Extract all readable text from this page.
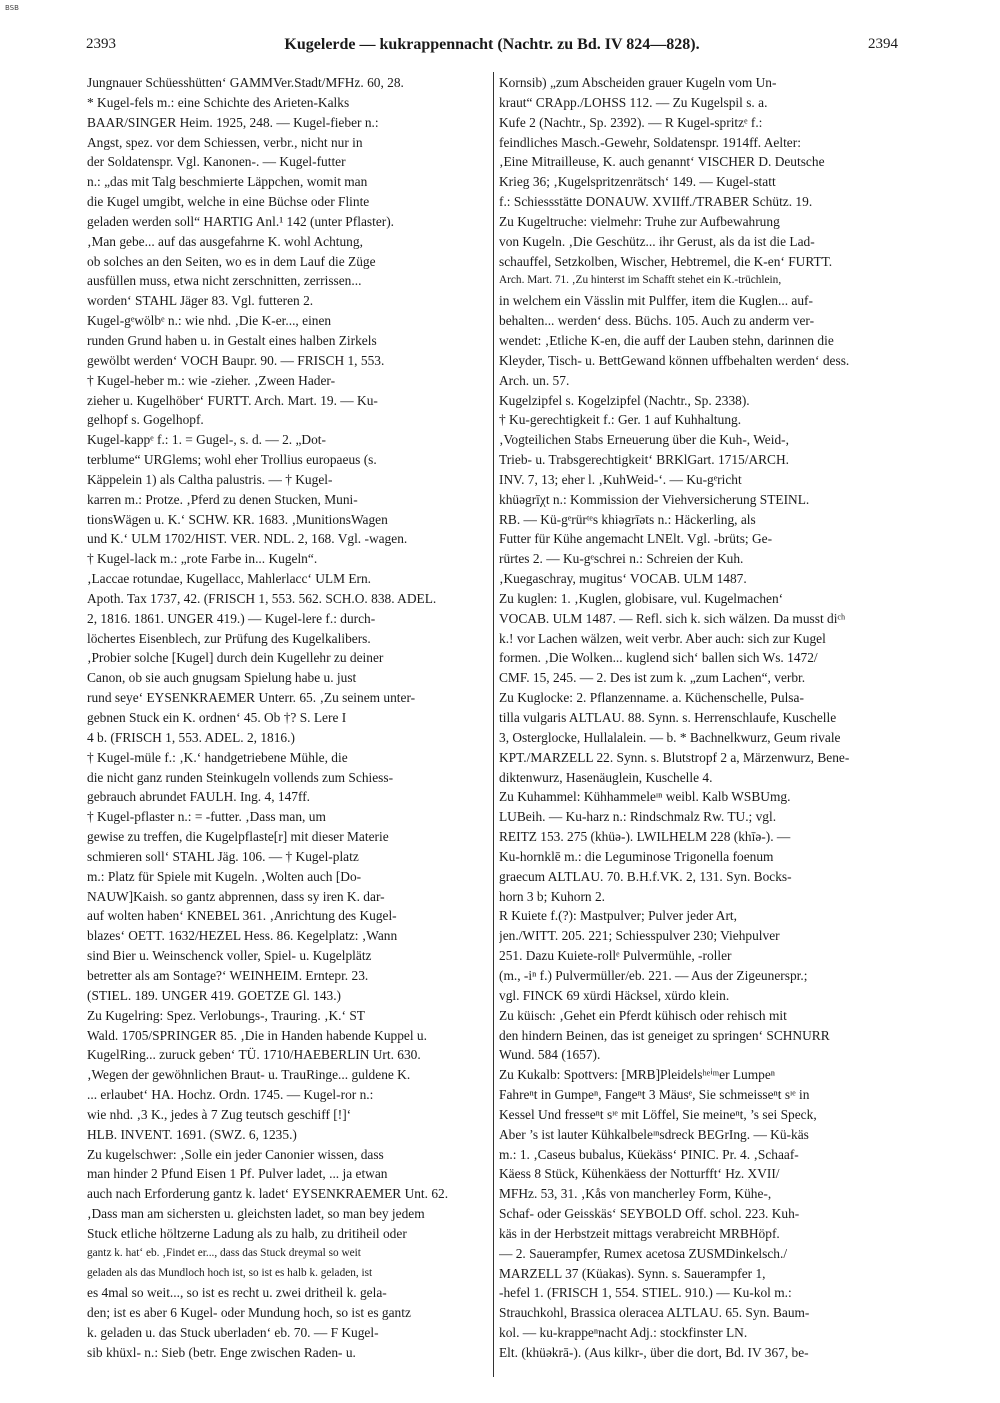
BSB
2393	Kugelerde — kukrappennacht (Nachtr. zu Bd. IV 824—828).	2394
Jungnauer Schüesshütten‘ GAMMVer.Stadt/MFHz. 60, 28.
* Kugel-fels m.: eine Schichte des Arieten-Kalks
BAAR/SINGER Heim. 1925, 248. — Kugel-fieber n.:
Angst, spez. vor dem Schiessen, verbr., nicht nur in
der Soldatenspr. Vgl. Kanonen-. — Kugel-futter
n.: „das mit Talg beschmierte Läppchen, womit man
die Kugel umgibt, welche in eine Büchse oder Flinte
geladen werden soll“ HARTIG Anl.¹ 142 (unter Pflaster).
‚Man gebe... auf das ausgefahrne K. wohl Achtung,
ob solches an den Seiten, wo es in dem Lauf die Züge
ausfüllen muss, etwa nicht zerschnitten, zerrissen...
worden‘ STAHL Jäger 83. Vgl. futteren 2.
Kugel-gᵉwölbᵉ n.: wie nhd. ‚Die K-er..., einen
runden Grund haben u. in Gestalt eines halben Zirkels
gewölbt werden‘ VOCH Baupr. 90. — FRISCH 1, 553.
† Kugel-heber m.: wie -zieher. ‚Zween Hader-
zieher u. Kugelhöber‘ FURTT. Arch. Mart. 19. — Ku-
gelhopf s. Gogelhopf.
Kugel-kappᵉ f.: 1. = Gugel-, s. d. — 2. „Dot-
terblume“ URGlems; wohl eher Trollius europaeus (s.
Käppelein 1) als Caltha palustris. — † Kugel-
karren m.: Protze. ‚Pferd zu denen Stucken, Muni-
tionsWägen u. K.‘ SCHW. KR. 1683. ‚MunitionsWagen
und K.‘ ULM 1702/HIST. VER. NDL. 2, 168. Vgl. -wagen.
† Kugel-lack m.: „rote Farbe in... Kugeln“.
‚Laccae rotundae, Kugellacc, Mahlerlacc‘ ULM Ern.
Apoth. Tax 1737, 42. (FRISCH 1, 553. 562. SCH.O. 838. ADEL.
2, 1816. 1861. UNGER 419.) — Kugel-lere f.: durch-
löchertes Eisenblech, zur Prüfung des Kugelkalibers.
‚Probier solche [Kugel] durch dein Kugellehr zu deiner
Canon, ob sie auch gnugsam Spielung habe u. just
rund seye‘ EYSENKRAEMER Unterr. 65. ‚Zu seinem unter-
gebnen Stuck ein K. ordnen‘ 45. Ob †? S. Lere I
4 b. (FRISCH 1, 553. ADEL. 2, 1816.)
† Kugel-müle f.: ‚K.‘ handgetriebene Mühle, die
die nicht ganz runden Steinkugeln vollends zum Schiess-
gebrauch abrundet FAULH. Ing. 4, 147ff.
† Kugel-pflaster n.: = -futter. ‚Dass man, um
gewise zu treffen, die Kugelpflaste[r] mit dieser Materie
schmieren soll‘ STAHL Jäg. 106. — † Kugel-platz
m.: Platz für Spiele mit Kugeln. ‚Wolten auch [Do-
NAUW]Kaish. so gantz abprennen, dass sy iren K. dar-
auf wolten haben‘ KNEBEL 361. ‚Anrichtung des Kugel-
blazes‘ OETT. 1632/HEZEL Hess. 86. Kegelplatz: ‚Wann
sind Bier u. Weinschenck voller, Spiel- u. Kugelplätz
betretter als am Sontage?‘ WEINHEIM. Erntepr. 23.
(STIEL. 189. UNGER 419. GOETZE Gl. 143.)
Zu Kugelring: Spez. Verlobungs-, Trauring. ‚K.‘ ST
Wald. 1705/SPRINGER 85. ‚Die in Handen habende Kuppel u.
KugelRing... zuruck geben‘ TÜ. 1710/HAEBERLIN Urt. 630.
‚Wegen der gewöhnlichen Braut- u. TrauRinge... guldene K.
... erlaubet‘ HA. Hochz. Ordn. 1745. — Kugel-ror n.:
wie nhd. ‚3 K., jedes à 7 Zug teutsch geschiff [!]‘
HLB. INVENT. 1691. (SWZ. 6, 1235.)
Zu kugelschwer: ‚Solle ein jeder Canonier wissen, dass
man hinder 2 Pfund Eisen 1 Pf. Pulver ladet, ... ja etwan
auch nach Erforderung gantz k. ladet‘ EYSENKRAEMER Unt. 62.
‚Dass man am sichersten u. gleichsten ladet, so man bey jedem
Stuck etliche höltzerne Ladung als zu halb, zu dritiheil oder
gantz k. hat‘ eb. ‚Findet er..., dass das Stuck dreymal so weit
geladen als das Mundloch hoch ist, so ist es halb k. geladen, ist
es 4mal so weit..., so ist es recht u. zwei dritheil k. gela-
den; ist es aber 6 Kugel- oder Mundung hoch, so ist es gantz
k. geladen u. das Stuck uberladen‘ eb. 70. — F Kugel-
sib khüxl- n.: Sieb (betr. Enge zwischen Raden- u.
Kornsib) „zum Abscheiden grauer Kugeln vom Un-
kraut“ CRApp./LOHSS 112. — Zu Kugelspil s. a.
Kufe 2 (Nachtr., Sp. 2392). — R Kugel-spritzᵉ f.:
feindliches Masch.-Gewehr, Soldatenspr. 1914ff. Aelter:
‚Eine Mitrailleuse, K. auch genannt‘ VISCHER D. Deutsche
Krieg 36; ‚Kugelspritzenrätsch‘ 149. — Kugel-statt
f.: Schiessstätte DONAUW. XVIIff./TRABER Schütz. 19.
Zu Kugeltruche: vielmehr: Truhe zur Aufbewahrung
von Kugeln. ‚Die Geschütz... ihr Gerust, als da ist die Lad-
schauffel, Setzkolben, Wischer, Hebtremel, die K-en‘ FURTT.
Arch. Mart. 71. ‚Zu hinterst im Schafft stehet ein K.-trüchlein,
in welchem ein Vässlin mit Pulffer, item die Kuglen... auf-
behalten... werden‘ dess. Büchs. 105. Auch zu anderm ver-
wendet: ‚Etliche K-en, die auff der Lauben stehn, darinnen die
Kleyder, Tisch- u. BettGewand können uffbehalten werden‘ dess.
Arch. un. 57.
Kugelzipfel s. Kogelzipfel (Nachtr., Sp. 2338).
† Ku-gerechtigkeit f.: Ger. 1 auf Kuhhaltung.
‚Vogteilichen Stabs Erneuerung über die Kuh-, Weid-,
Trieb- u. Trabsgerechtigkeit‘ BRKlGart. 1715/ARCH.
INV. 7, 13; eher l. ‚KuhWeid-‘. — Ku-gᵉricht
khüəgrīχt n.: Kommission der Viehversicherung STEINL.
RB. — Kü-gᵉrürᵗᵉs khiəgrīəts n.: Häckerling, als
Futter für Kühe angemacht LNElt. Vgl. -brüts; Ge-
rürtes 2. — Ku-gᵉschrei n.: Schreien der Kuh.
‚Kuegaschray, mugitus‘ VOCAB. ULM 1487.
Zu kuglen: 1. ‚Kuglen, globisare, vul. Kugelmachen‘
VOCAB. ULM 1487. — Refl. sich k. sich wälzen. Da musst diᶜʰ
k.! vor Lachen wälzen, weit verbr. Aber auch: sich zur Kugel
formen. ‚Die Wolken... kuglend sich‘ ballen sich Ws. 1472/
CMF. 15, 245. — 2. Des ist zum k. „zum Lachen“, verbr.
Zu Kuglocke: 2. Pflanzenname. a. Küchenschelle, Pulsa-
tilla vulgaris ALTLAU. 88. Synn. s. Herrenschlaufe, Kuschelle
3, Osterglocke, Hullalalein. — b. * Bachnelkwurz, Geum rivale
KPT./MARZELL 22. Synn. s. Blutstropf 2 a, Märzenwurz, Bene-
diktenwurz, Hasenäuglein, Kuschelle 4.
Zu Kuhammel: Kühhammeleᶦⁿ weibl. Kalb WSBUmg.
LUBeih. — Ku-harz n.: Rindschmalz Rw. TU.; vgl.
REITZ 153. 275 (khüə-). LWILHELM 228 (khīə-). —
Ku-hornklē m.: die Leguminose Trigonella foenum
graecum ALTLAU. 70. B.H.f.VK. 2, 131. Syn. Bocks-
horn 3 b; Kuhorn 2.
R Kuiete f.(?): Mastpulver; Pulver jeder Art,
jen./WITT. 205. 221; Schiesspulver 230; Viehpulver
251. Dazu Kuiete-rollᵉ Pulvermühle, -roller
(m., -iⁿ f.) Pulvermüller/eb. 221. — Aus der Zigeunerspr.;
vgl. FINCK 69 xürdi Häcksel, xürdo klein.
Zu küisch: ‚Gehet ein Pferdt kühisch oder rehisch mit
den hindern Beinen, das ist geneiget zu springen‘ SCHNURR
Wund. 584 (1657).
Zu Kukalb: Spottvers: [MRB]Pleidelsʰᵉⁱᵐer Lumpeⁿ
Fahreⁿt in Gumpeⁿ, Fangeⁿt 3 Mäusᵉ, Sie schmeisseⁿt sᶦᵉ in
Kessel Und fresseⁿt sᶦᵉ mit Löffel, Sie meineⁿt, ’s sei Speck,
Aber ’s ist lauter Kühkalbeleᶦⁿsdreck BEGrIng. — Kü-käs
m.: 1. ‚Caseus bubalus, Küekäss‘ PINIC. Pr. 4. ‚Schaaf-
Käess 8 Stück, Kühenkäess der Notturfft‘ Hz. XVII/
MFHz. 53, 31. ‚Kås von mancherley Form, Kühe-,
Schaf- oder Geisskäs‘ SEYBOLD Off. schol. 223. Kuh-
käs in der Herbstzeit mittags verabreicht MRBHöpf.
— 2. Sauerampfer, Rumex acetosa ZUSMDinkelsch./
MARZELL 37 (Küakas). Synn. s. Sauerampfer 1,
-hefel 1. (FRISCH 1, 554. STIEL. 910.) — Ku-kol m.:
Strauchkohl, Brassica oleracea ALTLAU. 65. Syn. Baum-
kol. — ku-krappeⁿnacht Adj.: stockfinster LN.
Elt. (khüəkrā-). (Aus kilkr-, über die dort, Bd. IV 367, be-
